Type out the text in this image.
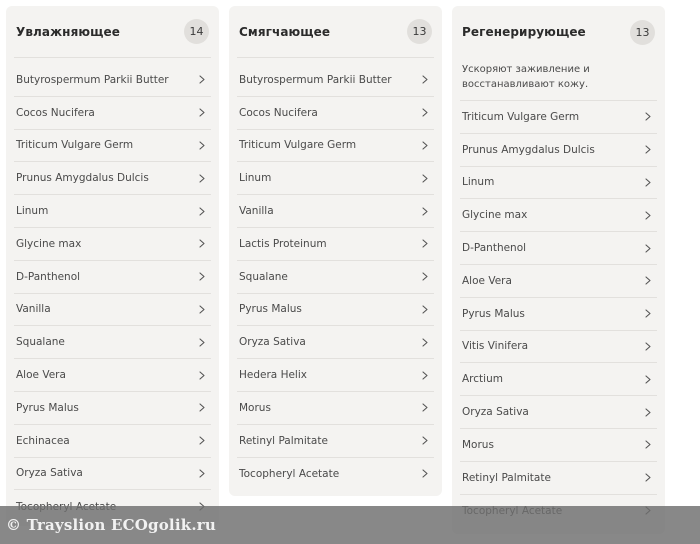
Увлажняющее	14
Butyrospermum Parkii Butter
Cocos Nucifera
Triticum Vulgare Germ
Prunus Amygdalus Dulcis
Linum
Glycine max
D-Panthenol
Vanilla
Squalane
Aloe Vera
Pyrus Malus
Echinacea
Oryza Sativa
Смягчающее	13
Butyrospermum Parkii Butter
Cocos Nucifera
Triticum Vulgare Germ
Linum
Vanilla
Lactis Proteinum
Squalane
Pyrus Malus
Oryza Sativa
Hedera Helix
Morus
Retinyl Palmitate
Tocopheryl Acetate
Регенерирующее	13
Ускоряют заживление и восстанавливают кожу.
Triticum Vulgare Germ
Prunus Amygdalus Dulcis
Linum
Glycine max
D-Panthenol
Aloe Vera
Pyrus Malus
Vitis Vinifera
Arctium
Oryza Sativa
Morus
Retinyl Palmitate
© Trayslion ECOgolik.ru
